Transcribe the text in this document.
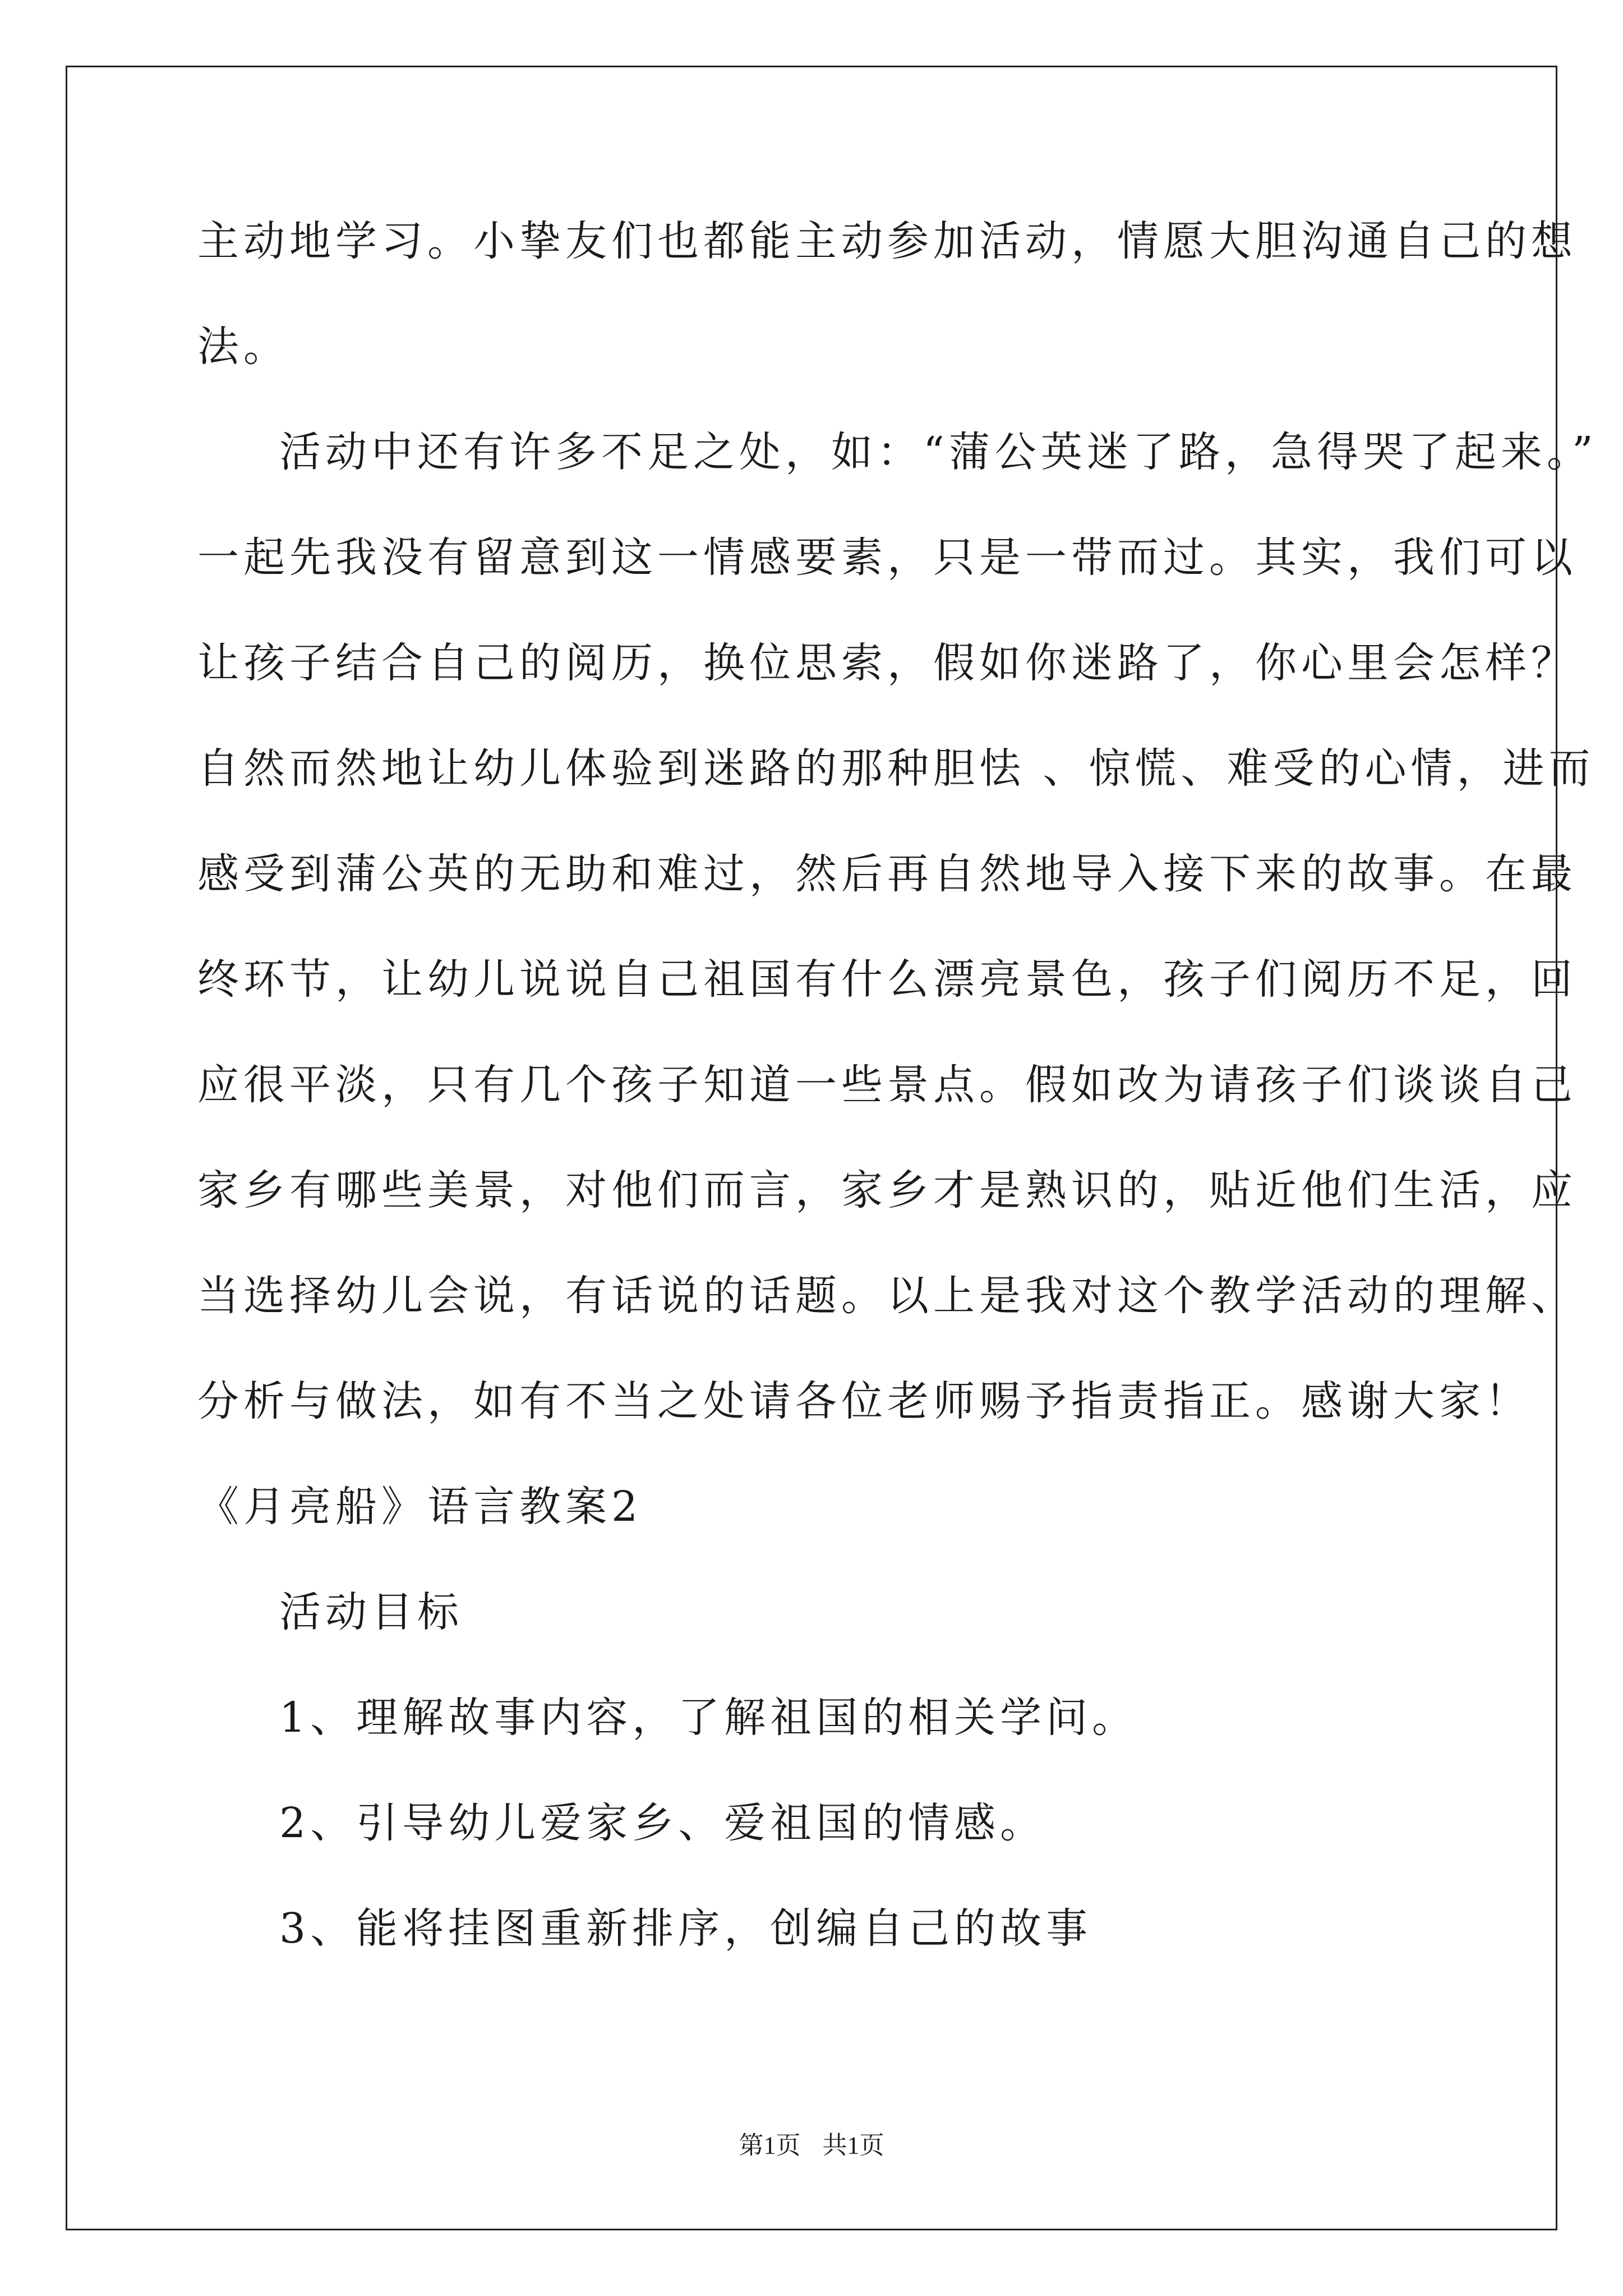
主动地学习。小挚友们也都能主动参加活动，情愿大胆沟通自己的想
法。
活动中还有许多不足之处，如：“蒲公英迷了路，急得哭了起来。”
一起先我没有留意到这一情感要素，只是一带而过。其实，我们可以
让孩子结合自己的阅历，换位思索，假如你迷路了，你心里会怎样？
自然而然地让幼儿体验到迷路的那种胆怯 、惊慌、难受的心情，进而
感受到蒲公英的无助和难过，然后再自然地导入接下来的故事。在最
终环节，让幼儿说说自己祖国有什么漂亮景色，孩子们阅历不足，回
应很平淡，只有几个孩子知道一些景点。假如改为请孩子们谈谈自己
家乡有哪些美景，对他们而言，家乡才是熟识的，贴近他们生活，应
当选择幼儿会说，有话说的话题。以上是我对这个教学活动的理解、
分析与做法，如有不当之处请各位老师赐予指责指正。感谢大家！
《月亮船》语言教案2
活动目标
1、理解故事内容，了解祖国的相关学问。
2、引导幼儿爱家乡、爱祖国的情感。
3、能将挂图重新排序，创编自己的故事
第1页 共1页
